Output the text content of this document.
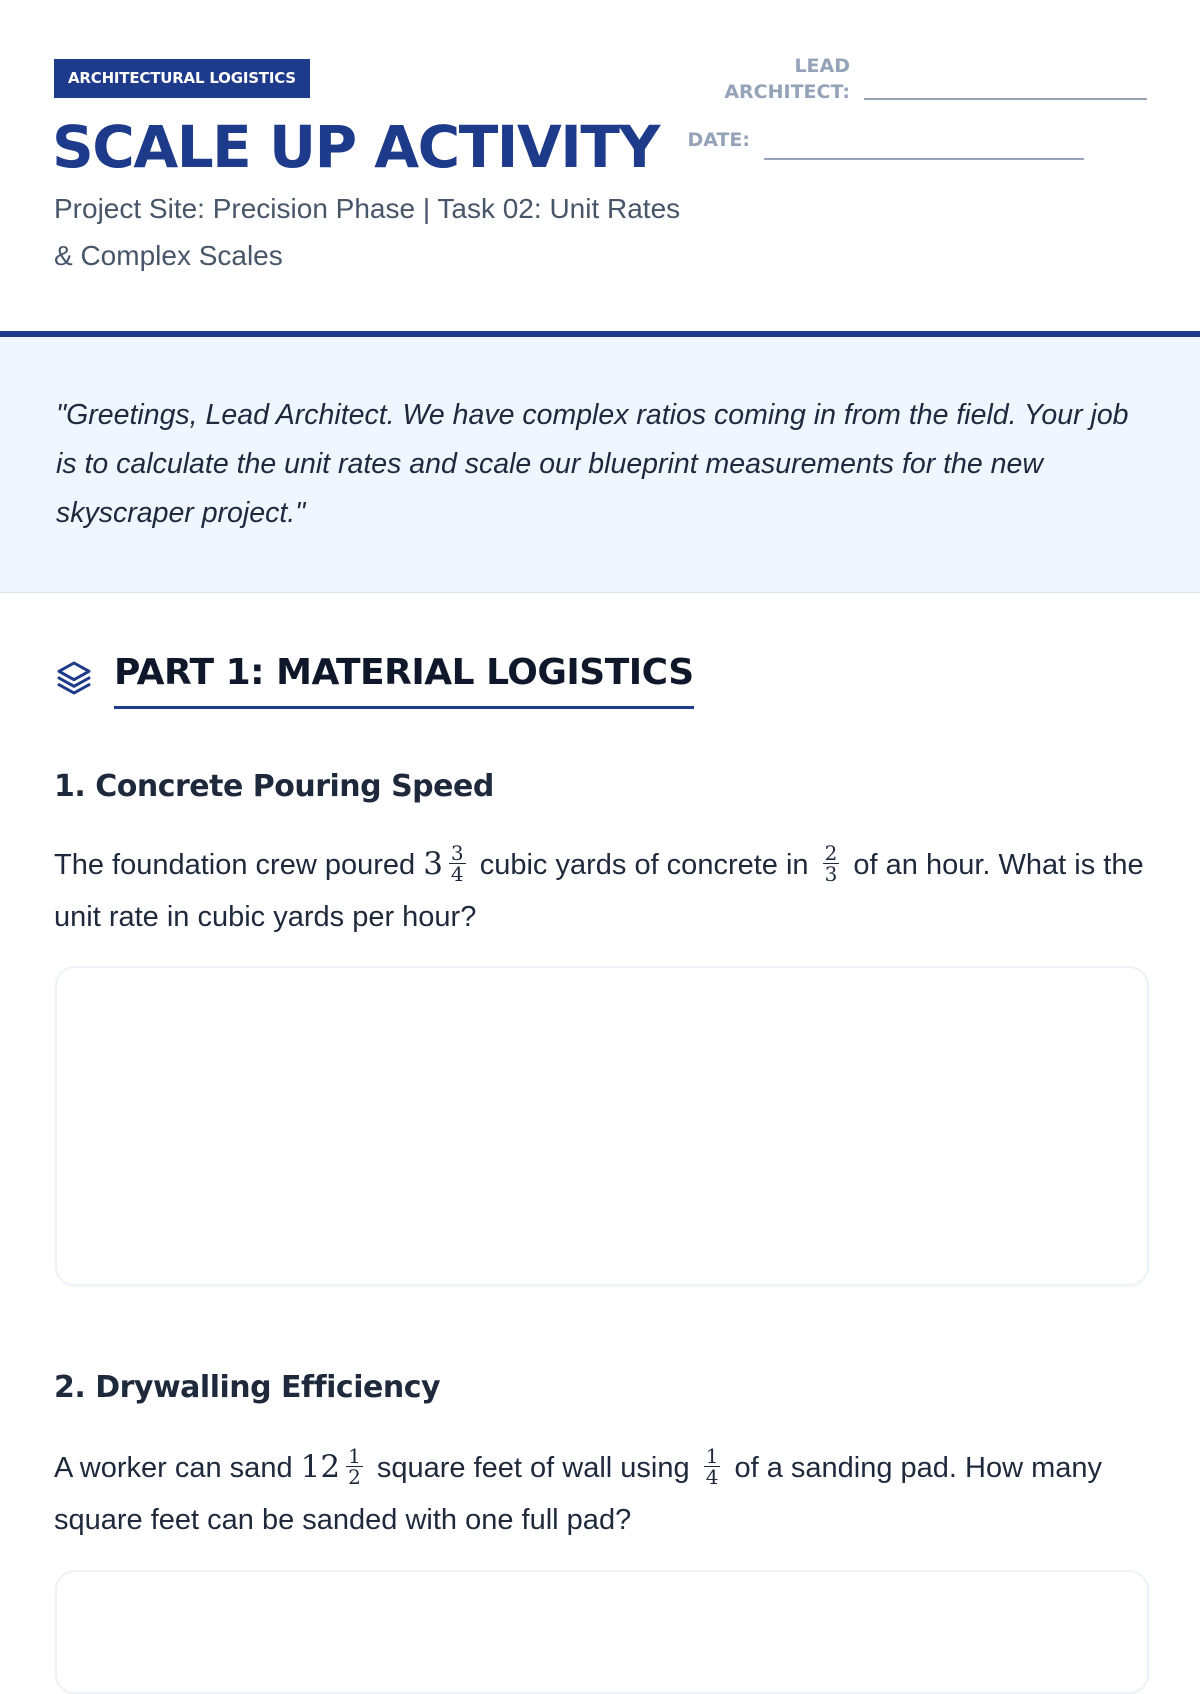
ARCHITECTURAL LOGISTICS
SCALE UP ACTIVITY

Project Site: Precision Phase | Task 02: Unit Rates & Complex Scales

LEAD ARCHITECT:
DATE:

"Greetings, Lead Architect. We have complex ratios coming in from the field. Your job is to calculate the unit rates and scale our blueprint measurements for the new skyscraper project."

PART 1: MATERIAL LOGISTICS
1. Concrete Pouring Speed

The foundation crew poured $3 \frac{3}{4}$ cubic yards of concrete in $\frac{2}{3}$ of an hour. What is the unit rate in cubic yards per hour?

2. Drywalling Efficiency

A worker can sand $12 \frac{1}{2}$ square feet of wall using $\frac{1}{4}$ of a sanding pad. How many square feet can be sanded with one full pad?
